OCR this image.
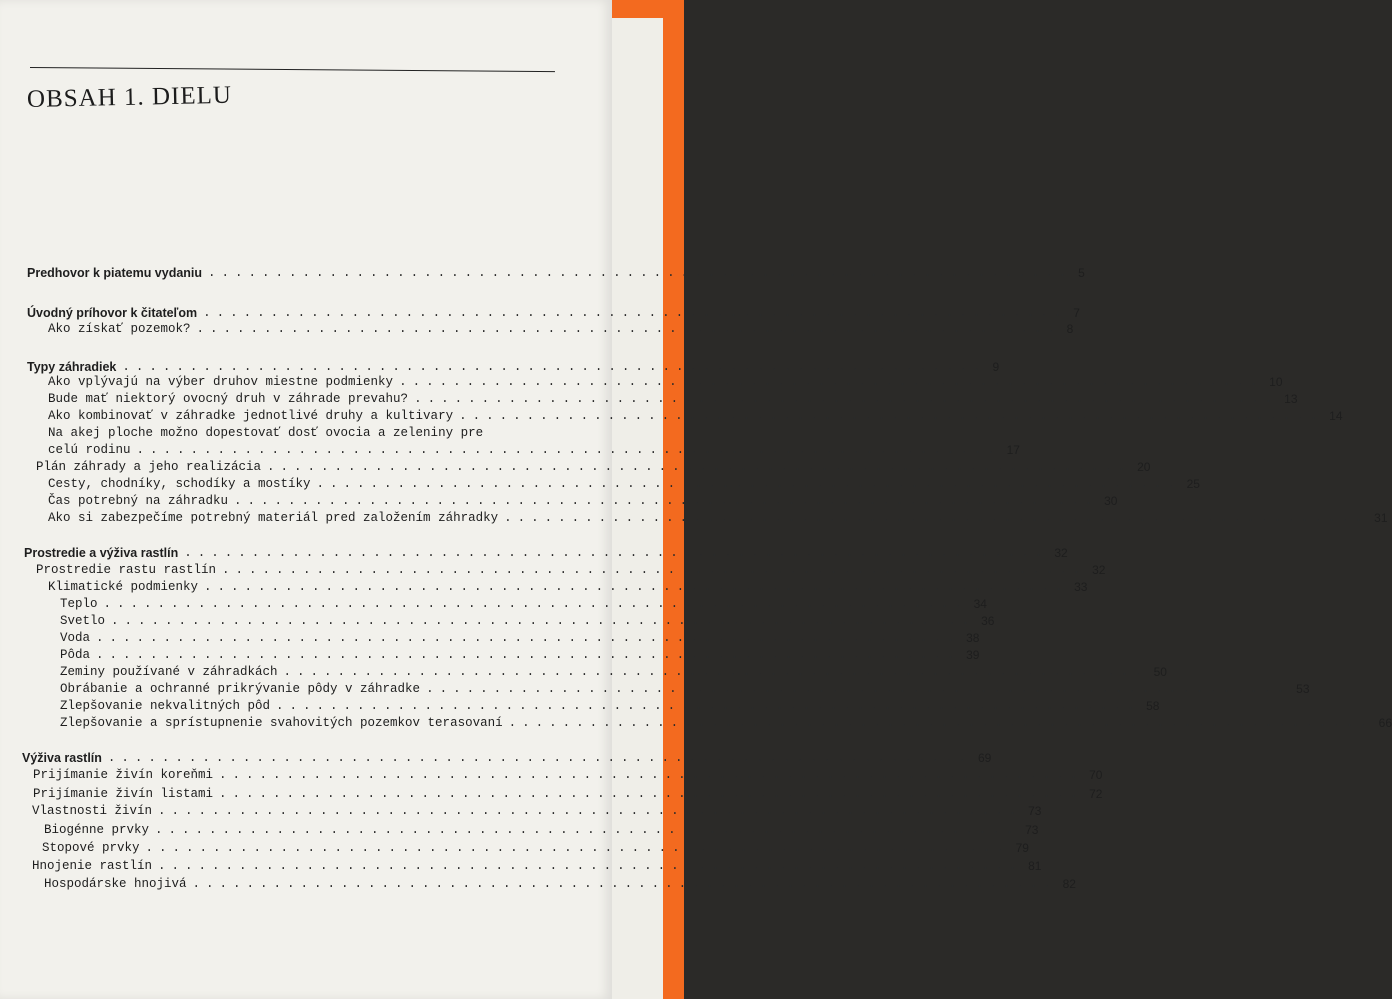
OBSAH 1. DIELU
Predhovor k piatemu vydaniu ................................................................ 5
Úvodný príhovor k čitateľom ................................................................ 7
Ako získať pozemok? ................................................................ 8
Typy záhradiek ................................................................ 9
Ako vplývajú na výber druhov miestne podmienky ................................................................ 10
Bude mať niektorý ovocný druh v záhrade prevahu? ................................................................ 13
Ako kombinovať v záhradke jednotlivé druhy a kultivary ................................................................ 14
Na akej ploche možno dopestovať dosť ovocia a zeleniny pre
celú rodinu ................................................................ 17
Plán záhrady a jeho realizácia ................................................................ 20
Cesty, chodníky, schodíky a mostíky ................................................................ 25
Čas potrebný na záhradku ................................................................ 30
Ako si zabezpečíme potrebný materiál pred založením záhradky ................................................................ 31
Prostredie a výživa rastlín ................................................................ 32
Prostredie rastu rastlín ................................................................ 32
Klimatické podmienky ................................................................ 33
Teplo ................................................................ 34
Svetlo ................................................................ 36
Voda ................................................................ 38
Pôda ................................................................ 39
Zeminy používané v záhradkách ................................................................ 50
Obrábanie a ochranné prikrývanie pôdy v záhradke ................................................................ 53
Zlepšovanie nekvalitných pôd ................................................................ 58
Zlepšovanie a sprístupnenie svahovitých pozemkov terasovaní ................................................................ 66
Výživa rastlín ................................................................ 69
Prijímanie živín koreňmi ................................................................ 70
Prijímanie živín listami ................................................................ 72
Vlastnosti živín ................................................................ 73
Biogénne prvky ................................................................ 73
Stopové prvky ................................................................ 79
Hnojenie rastlín ................................................................ 81
Hospodárske hnojivá ................................................................ 82
